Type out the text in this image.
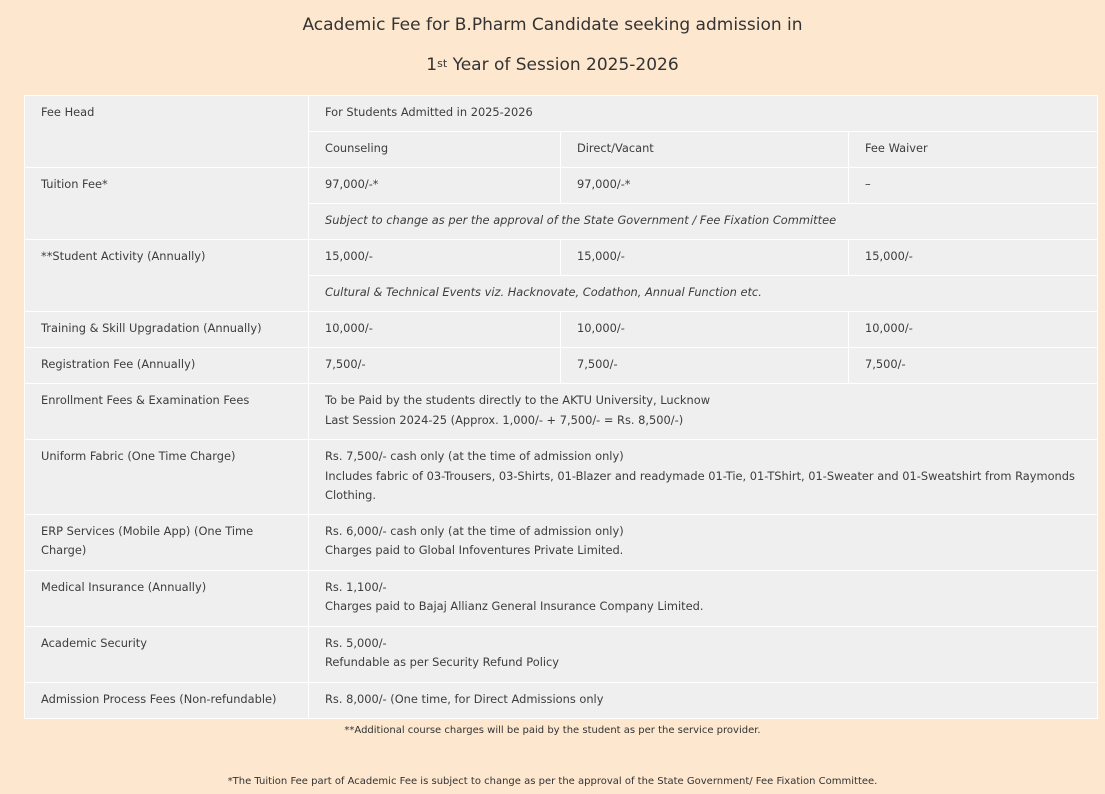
Academic Fee for B.Pharm Candidate seeking admission in
1st Year of Session 2025-2026
Fee Head	For Students Admitted in 2025-2026		
	Counseling	Direct/Vacant	Fee Waiver
Tuition Fee*	97,000/-*	97,000/-*	–
	Subject to change as per the approval of the State Government / Fee Fixation Committee		
**Student Activity (Annually)	15,000/-	15,000/-	15,000/-
	Cultural & Technical Events viz. Hacknovate, Codathon, Annual Function etc.		
Training & Skill Upgradation (Annually)	10,000/-	10,000/-	10,000/-
Registration Fee (Annually)	7,500/-	7,500/-	7,500/-
Enrollment Fees & Examination Fees	To be Paid by the students directly to the AKTU University, Lucknow
Last Session 2024-25 (Approx. 1,000/- + 7,500/- = Rs. 8,500/-)		

Uniform Fabric (One Time Charge)	Rs. 7,500/- cash only (at the time of admission only)
Includes fabric of 03-Trousers, 03-Shirts, 01-Blazer and readymade 01-Tie, 01-TShirt, 01-Sweater and 01-Sweatshirt from Raymonds Clothing.		

ERP Services (Mobile App) (One Time Charge)	Rs. 6,000/- cash only (at the time of admission only)
Charges paid to Global Infoventures Private Limited.		

Medical Insurance (Annually)	Rs. 1,100/-
Charges paid to Bajaj Allianz General Insurance Company Limited.		

Academic Security	Rs. 5,000/-
Refundable as per Security Refund Policy		

Admission Process Fees (Non-refundable)	Rs. 8,000/- (One time, for Direct Admissions only		
**Additional course charges will be paid by the student as per the service provider.
*The Tuition Fee part of Academic Fee is subject to change as per the approval of the State Government/ Fee Fixation Committee.
